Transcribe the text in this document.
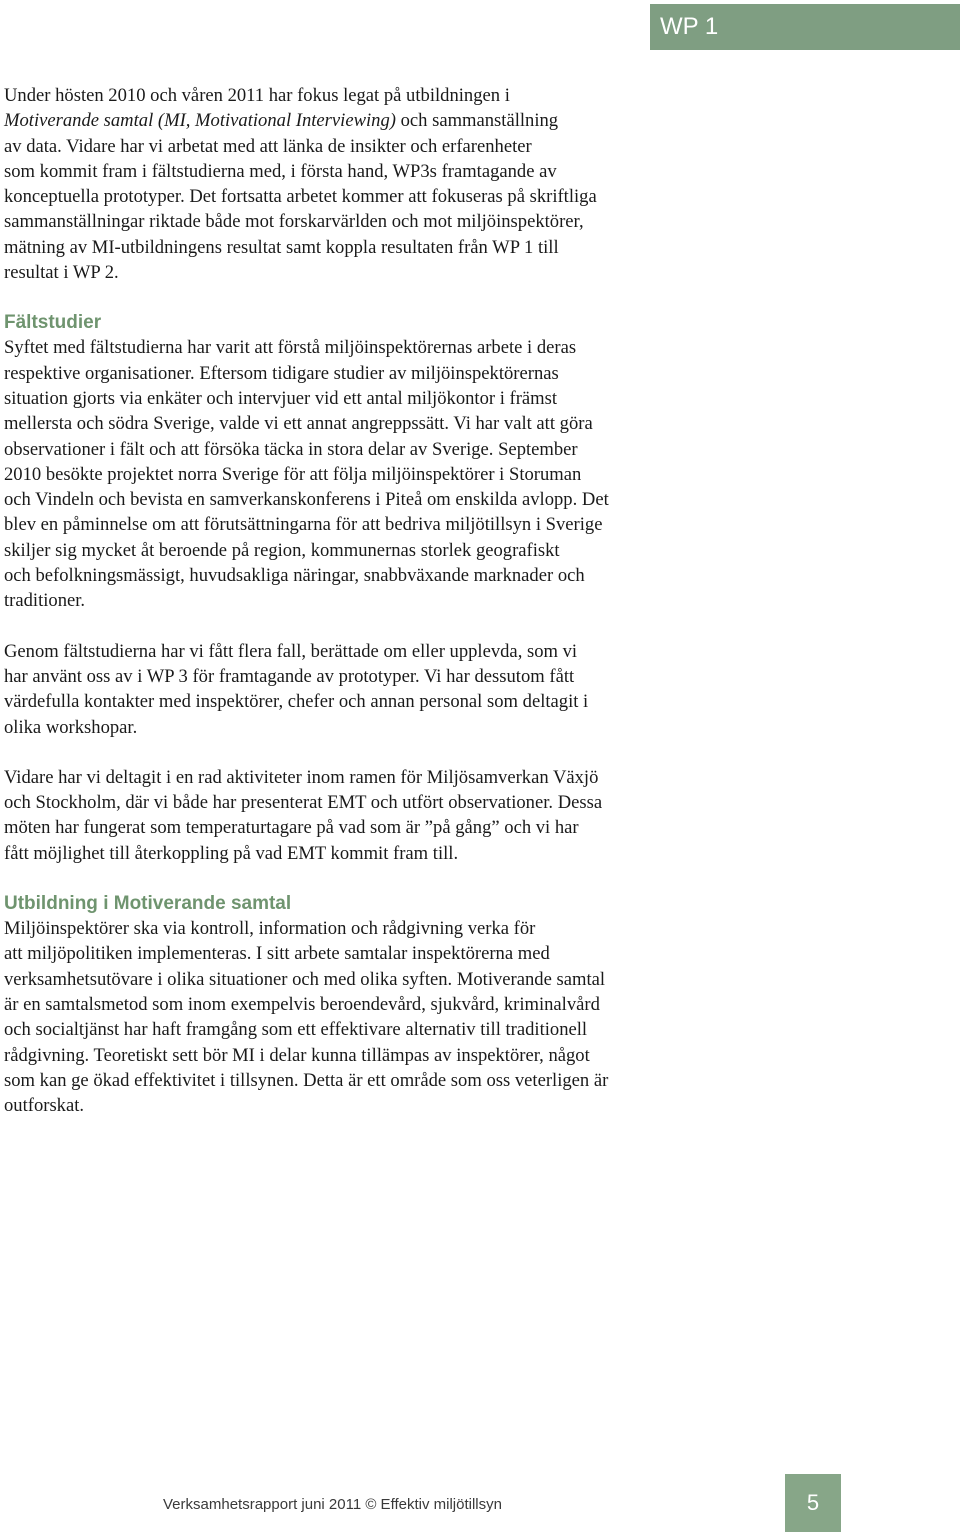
WP 1

Under hösten 2010 och våren 2011 har fokus legat på utbildningen i
Motiverande samtal (MI, Motivational Interviewing) och sammanställning
av data. Vidare har vi arbetat med att länka de insikter och erfarenheter
som kommit fram i fältstudierna med, i första hand, WP3s framtagande av
konceptuella prototyper. Det fortsatta arbetet kommer att fokuseras på skriftliga
sammanställningar riktade både mot forskarvärlden och mot miljöinspektörer,
mätning av MI-utbildningens resultat samt koppla resultaten från WP 1 till
resultat i WP 2.

Fältstudier

Syftet med fältstudierna har varit att förstå miljöinspektörernas arbete i deras
respektive organisationer. Eftersom tidigare studier av miljöinspektörernas
situation gjorts via enkäter och intervjuer vid ett antal miljökontor i främst
mellersta och södra Sverige, valde vi ett annat angreppssätt. Vi har valt att göra
observationer i fält och att försöka täcka in stora delar av Sverige. September
2010 besökte projektet norra Sverige för att följa miljöinspektörer i Storuman
och Vindeln och bevista en samverkanskonferens i Piteå om enskilda avlopp. Det
blev en påminnelse om att förutsättningarna för att bedriva miljötillsyn i Sverige
skiljer sig mycket åt beroende på region, kommunernas storlek geografiskt
och befolkningsmässigt, huvudsakliga näringar, snabbväxande marknader och
traditioner.

Genom fältstudierna har vi fått flera fall, berättade om eller upplevda, som vi
har använt oss av i WP 3 för framtagande av prototyper. Vi har dessutom fått
värdefulla kontakter med inspektörer, chefer och annan personal som deltagit i
olika workshopar.

Vidare har vi deltagit i en rad aktiviteter inom ramen för Miljösamverkan Växjö
och Stockholm, där vi både har presenterat EMT och utfört observationer. Dessa
möten har fungerat som temperaturtagare på vad som är ”på gång” och vi har
fått möjlighet till återkoppling på vad EMT kommit fram till.

Utbildning i Motiverande samtal

Miljöinspektörer ska via kontroll, information och rådgivning verka för
att miljöpolitiken implementeras. I sitt arbete samtalar inspektörerna med
verksamhetsutövare i olika situationer och med olika syften. Motiverande samtal
är en samtalsmetod som inom exempelvis beroendevård, sjukvård, kriminalvård
och socialtjänst har haft framgång som ett effektivare alternativ till traditionell
rådgivning. Teoretiskt sett bör MI i delar kunna tillämpas av inspektörer, något
som kan ge ökad effektivitet i tillsynen. Detta är ett område som oss veterligen är
outforskat.

Verksamhetsrapport juni 2011 © Effektiv miljötillsyn	5
